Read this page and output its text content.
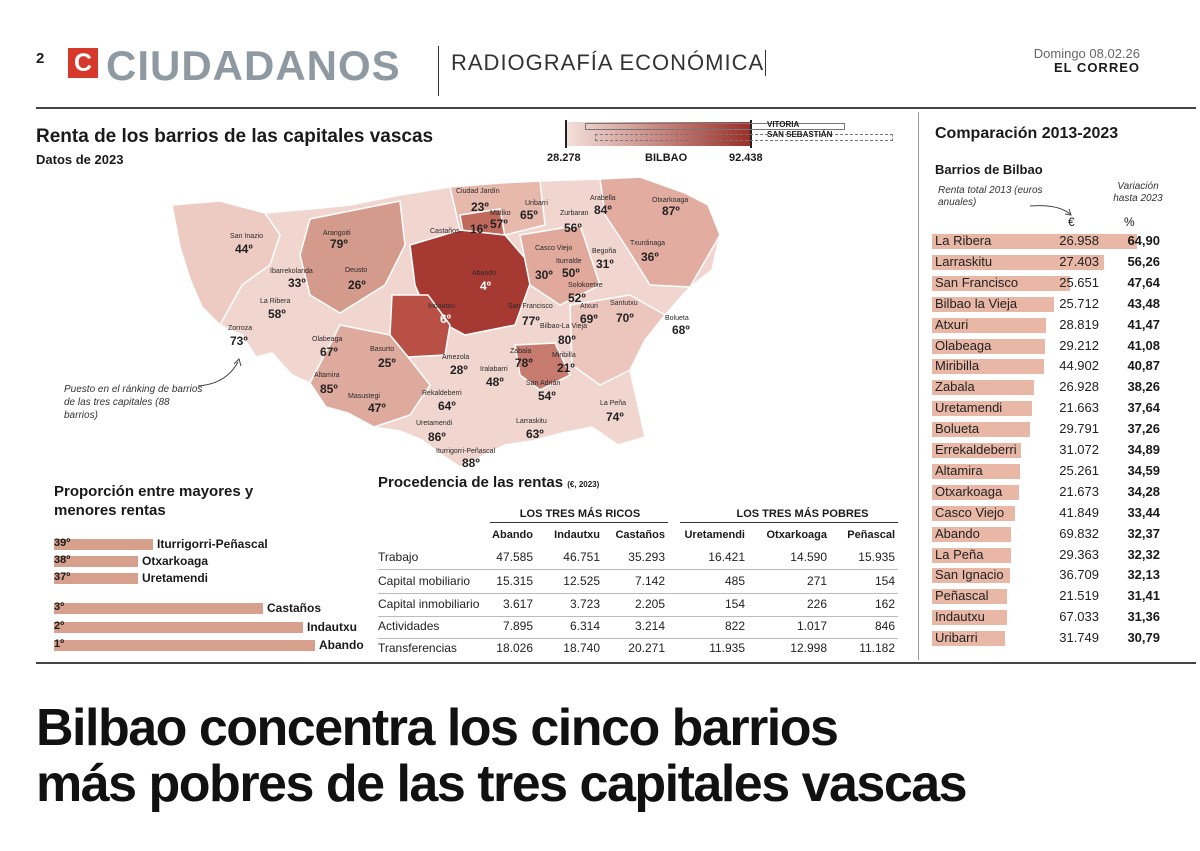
2 C CIUDADANOS RADIOGRAFÍA ECONÓMICA	Domingo 08.02.26
EL CORREO
Renta de los barrios de las capitales vascas
Datos de 2023
VITORIA
SAN SEBASTIÁN
28.278	BILBAO	92.438
Ciudad Jardín
23º	Uribarri
65º
Arabella
84º
Otxarkoaga
87º
Matiko
57º
Castaños 16º
Zurbaran
56º
Txurdinaga
36º
Arangoiti
79º
San Inazio
44º
Ibarrekolanda
33º
Deusto
26º
Abando
4º
Casco Viejo
30º
Iturralde
50º
Begoña
31º
Solokoetxe
52º
La Ribera
58º
Zorroza
73º
Indautxu
6º
San Francisco
77º
Atxuri
69º
Santutxu
70º	Bolueta
68º
Olabeaga
67º
Bilbao-La Vieja
80º
Basurto
25º
Zabala
78º
Miribilla
21º
Amezola
28º Iralabarri
48º
Altamira
85º	San Adrián
54º
Masustegi
47º
Rekaldeberri
64º	La Peña
74º
Larraskitu
63º
Uretamendi
86º
Iturrigorri-Peñascal
88º
Puesto en el ránking de barrios de las tres capitales (88 barrios)
Proporción entre mayores y menores rentas
39º	Iturrigorri-Peñascal
38º	Otxarkoaga
37º	Uretamendi
3º	Castaños
2º	Indautxu
1º	Abando
Procedencia de las rentas (€, 2023)
LOS TRES MÁS RICOS	LOS TRES MÁS POBRES
Abando	Indautxu	Castaños	Uretamendi	Otxarkoaga	Peñascal
Trabajo	47.585	46.751	35.293	16.421	14.590	15.935
Capital mobiliario	15.315	12.525	7.142	485	271	154
Capital inmobiliario	3.617	3.723	2.205	154	226	162
Actividades	7.895	6.314	3.214	822	1.017	846
Transferencias	18.026	18.740	20.271	11.935	12.998	11.182
Comparación 2013-2023
Barrios de Bilbao
Renta total 2013 (euros anuales)
Variación hasta 2023
€	%
La Ribera	26.958	64,90
Larraskitu	27.403	56,26
San Francisco	25.651	47,64
Bilbao la Vieja	25.712	43,48
Atxuri	28.819	41,47
Olabeaga	29.212	41,08
Miribilla	44.902	40,87
Zabala	26.928	38,26
Uretamendi	21.663	37,64
Bolueta	29.791	37,26
Errekaldeberri	31.072	34,89
Altamira	25.261	34,59
Otxarkoaga	21.673	34,28
Casco Viejo	41.849	33,44
Abando	69.832	32,37
La Peña	29.363	32,32
San Ignacio	36.709	32,13
Peñascal	21.519	31,41
Indautxu	67.033	31,36
Uribarri	31.749	30,79
Bilbao concentra los cinco barrios
más pobres de las tres capitales vascas
